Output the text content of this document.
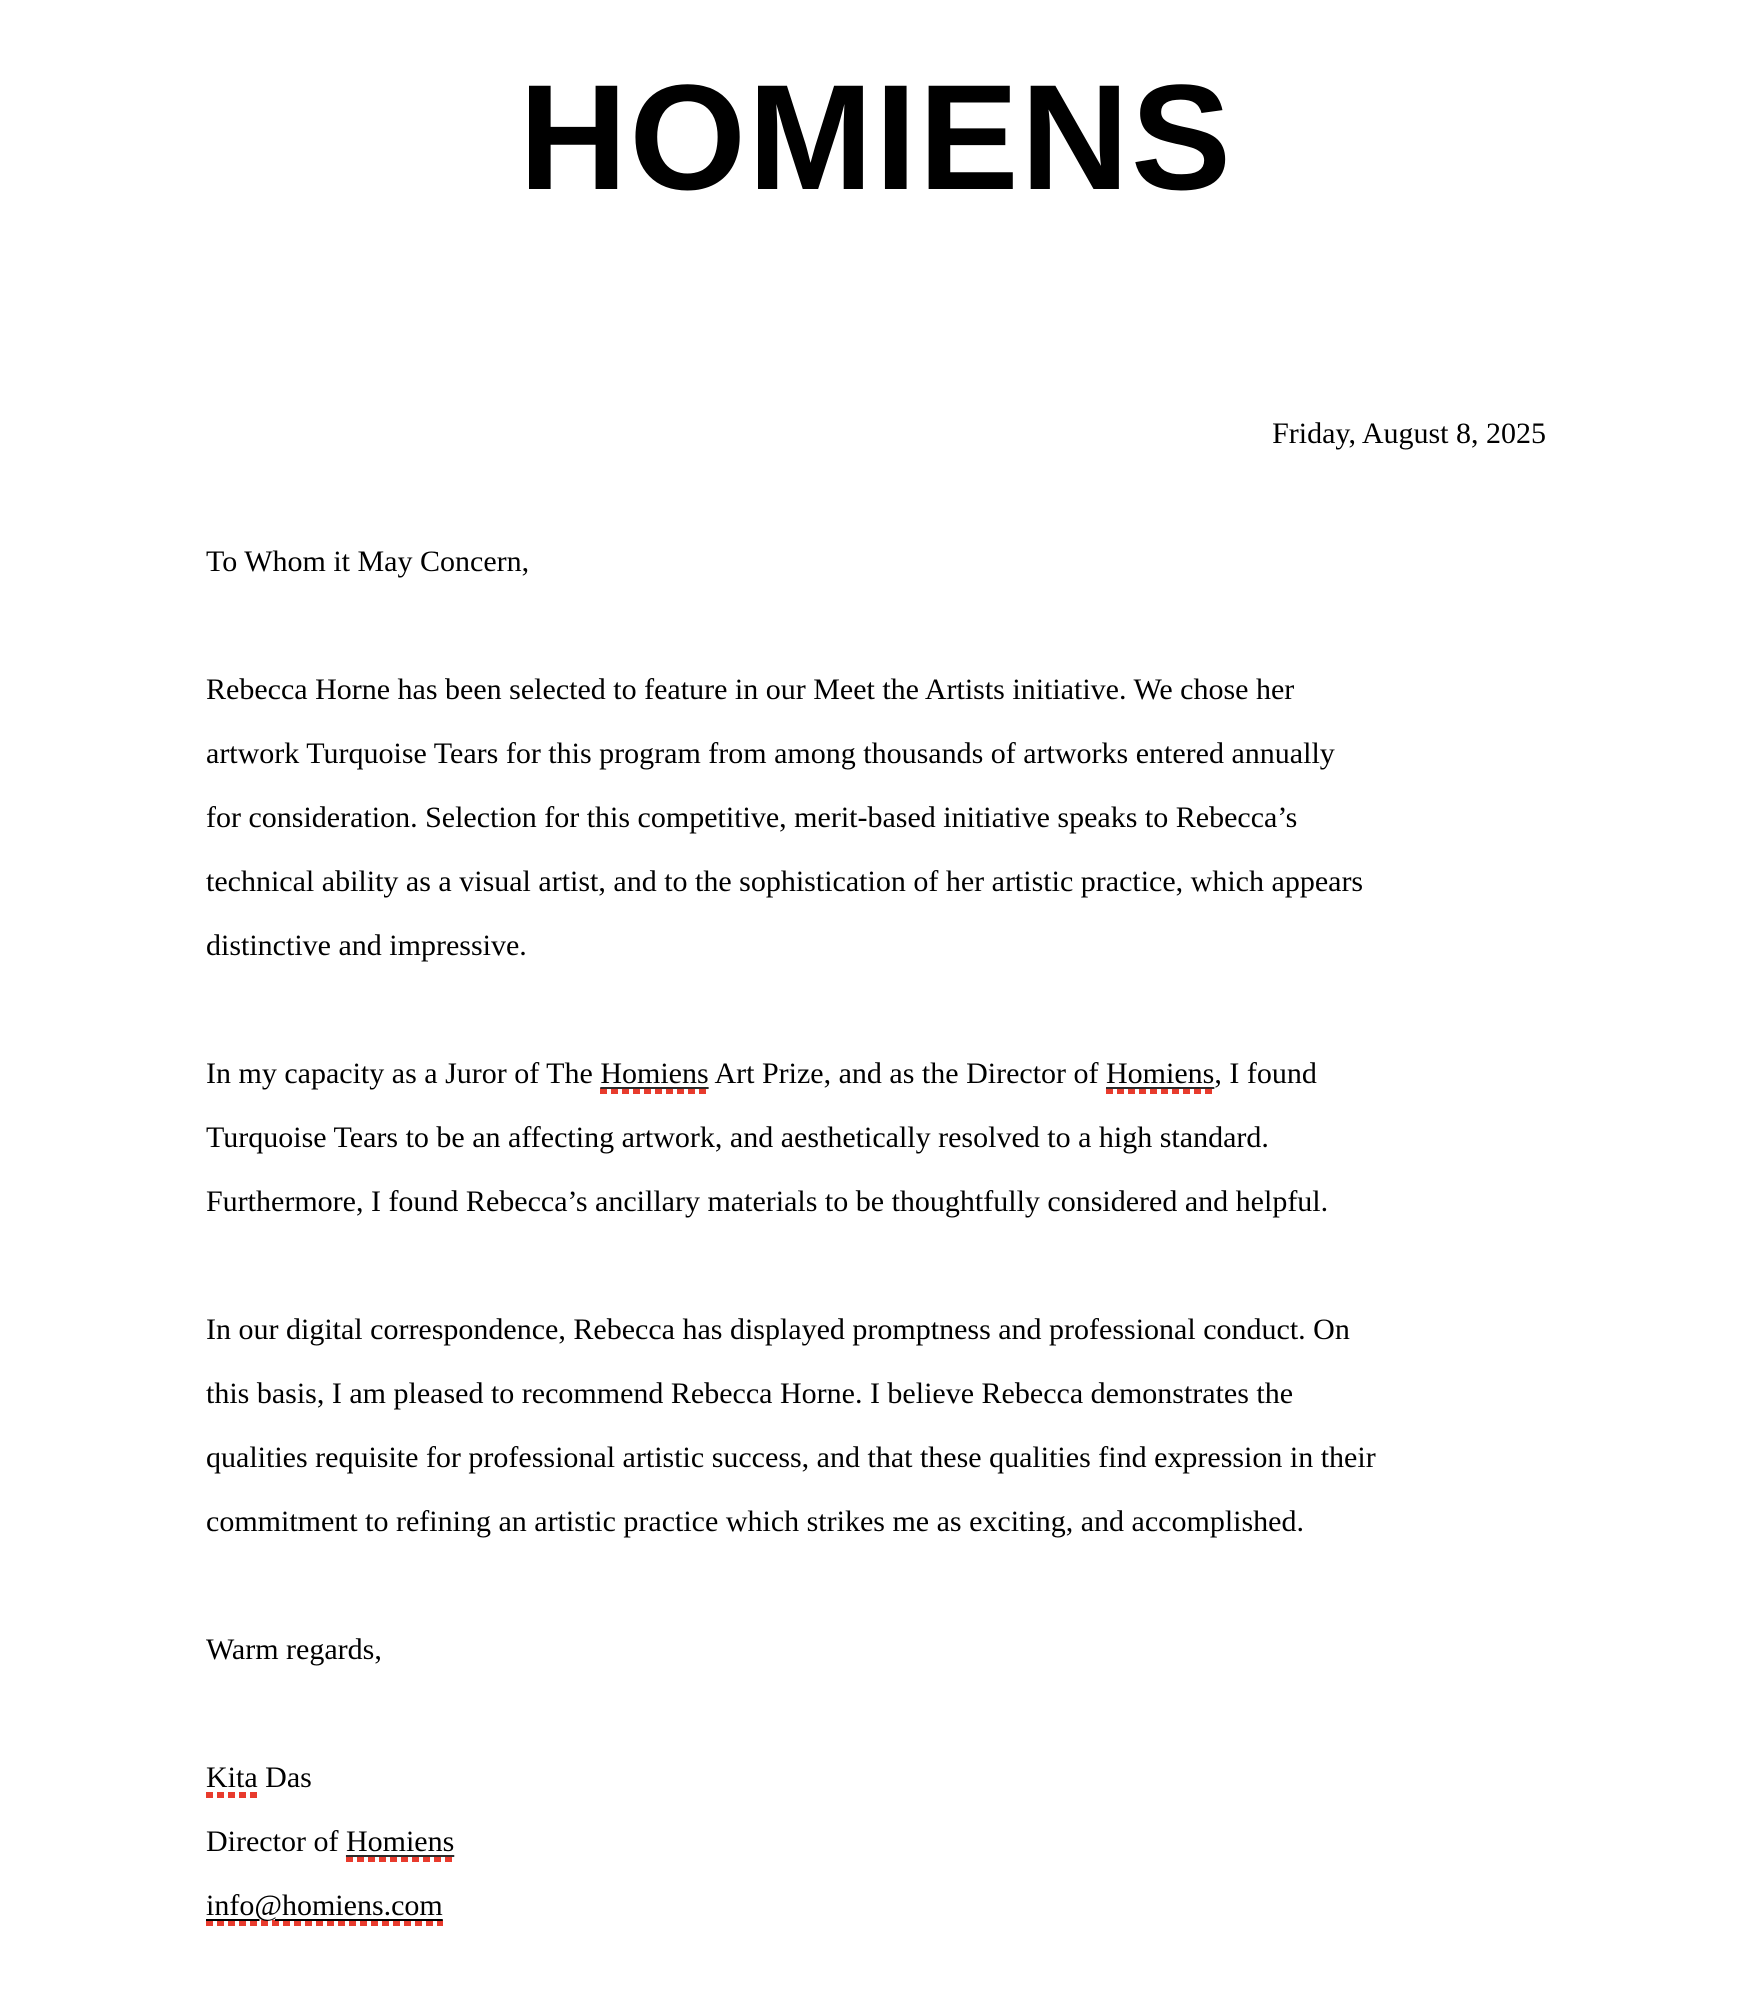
HOMIENS
Friday, August 8, 2025
To Whom it May Concern,
Rebecca Horne has been selected to feature in our Meet the Artists initiative. We chose her
artwork Turquoise Tears for this program from among thousands of artworks entered annually
for consideration. Selection for this competitive, merit-based initiative speaks to Rebecca’s
technical ability as a visual artist, and to the sophistication of her artistic practice, which appears
distinctive and impressive.
In my capacity as a Juror of The Homiens Art Prize, and as the Director of Homiens, I found
Turquoise Tears to be an affecting artwork, and aesthetically resolved to a high standard.
Furthermore, I found Rebecca’s ancillary materials to be thoughtfully considered and helpful.
In our digital correspondence, Rebecca has displayed promptness and professional conduct. On
this basis, I am pleased to recommend Rebecca Horne. I believe Rebecca demonstrates the
qualities requisite for professional artistic success, and that these qualities find expression in their
commitment to refining an artistic practice which strikes me as exciting, and accomplished.
Warm regards,
Kita Das
Director of Homiens
info@homiens.com
